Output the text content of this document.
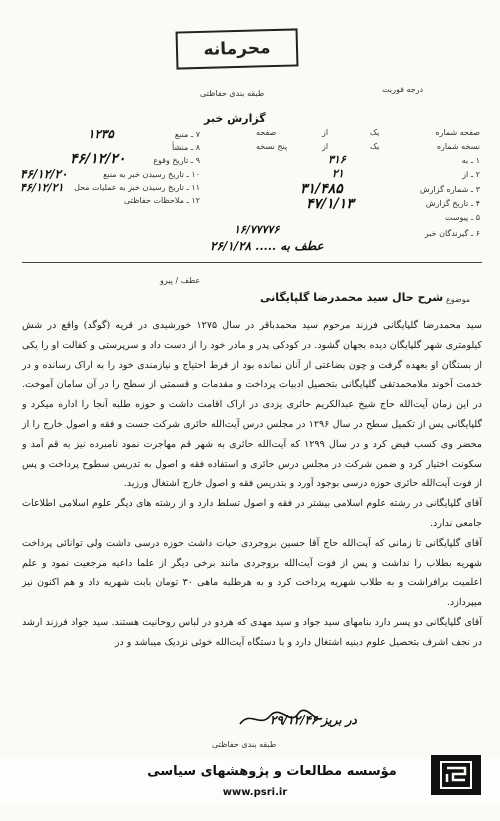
محرمانه
درجه فوریت
طبقه بندی حفاظتی
گزارش خبر
۷ ـ منبع
۱۲۳۵
۸ ـ منشأ
۹ ـ تاریخ وقوع
۴۶/۱۲/۲۰
۱۰ ـ تاریخ رسیدن خبر به منبع
۴۶/۱۲/۲۰
۱۱ ـ تاریخ رسیدن خبر به عملیات محل
۴۶/۱۲/۲۱
۱۲ ـ ملاحظات حفاظتی
صفحه شماره
یک
از
صفحه
نسخه شماره
یک
از
پنج نسخه
۱ ـ به
۳۱۶
۲ ـ از
۲۱
۳ ـ شماره گزارش
۳۱/۴۸۵
۴ ـ تاریخ گزارش
۴۷/۱/۱۳
۵ ـ پیوست
۶ ـ گیرندگان خبر
۱۶/۷۷۷۷۶
عطف به ..... ۲۶/۱/۲۸
عطف / پیرو
موضوع
شرح حال سید محمدرضا گلپایگانی

سید محمدرضا گلپایگانی فرزند مرحوم سید محمدباقر در سال ۱۲۷۵ خورشیدی در قریه (گوگد) واقع در شش کیلومتری شهر گلپایگان دیده بجهان گشود. در کودکی پدر و مادر خود را از دست داد و سرپرستی و کفالت او را یکی از بستگان او بعهده گرفت و چون بضاعتی از آنان نمانده بود از فرط احتیاج و نیازمندی خود را به اراک رسانده و در خدمت آخوند ملامحمدتقی گلپایگانی بتحصیل ادبیات پرداخت و مقدمات و قسمتی از سطح را در آن سامان آموخت. در این زمان آیت‌الله حاج شیخ عبدالکریم حائری یزدی در اراک اقامت داشت و حوزه طلبه آنجا را اداره میکرد و گلپایگانی پس از تکمیل سطح در سال ۱۲۹۶ در مجلس درس آیت‌الله حائری شرکت جست و فقه و اصول خارج را از محضر وی کسب فیض کرد و در سال ۱۲۹۹ که آیت‌الله حائری به شهر قم مهاجرت نمود نامبرده نیز به قم آمد و سکونت اختیار کرد و ضمن شرکت در مجلس درس حائری و استفاده فقه و اصول به تدریس سطوح پرداخت و پس از فوت آیت‌الله حائری حوزه درسی بوجود آورد و بتدریس فقه و اصول خارج اشتغال ورزید.

آقای گلپایگانی در رشته علوم اسلامی بیشتر در فقه و اصول تسلط دارد و از رشته های دیگر علوم اسلامی اطلاعات جامعی ندارد.

آقای گلپایگانی تا زمانی که آیت‌الله حاج آقا حسین بروجردی حیات داشت حوزه درسی داشت ولی توانائی پرداخت شهریه بطلاب را نداشت و پس از فوت آیت‌الله بروجردی مانند برخی دیگر از علما داعیه مرجعیت نمود و علم اعلمیت برافراشت و به طلاب شهریه پرداخت کرد و به هرطلبه ماهی ۳۰ تومان بابت شهریه داد و هم اکنون نیز میپردازد.

آقای گلپایگانی دو پسر دارد بنامهای سید جواد و سید مهدی که هردو در لباس روحانیت هستند. سید جواد فرزند ارشد در نجف اشرف بتحصیل علوم دینیه اشتغال دارد و با دستگاه آیت‌الله خوئی نزدیک میباشد و در

در بریز ۲۹/۱۲/۴۶
طبقه بندی حفاظتی
مؤسسه مطالعات و پژوهشهای سیاسی
www.psri.ir
